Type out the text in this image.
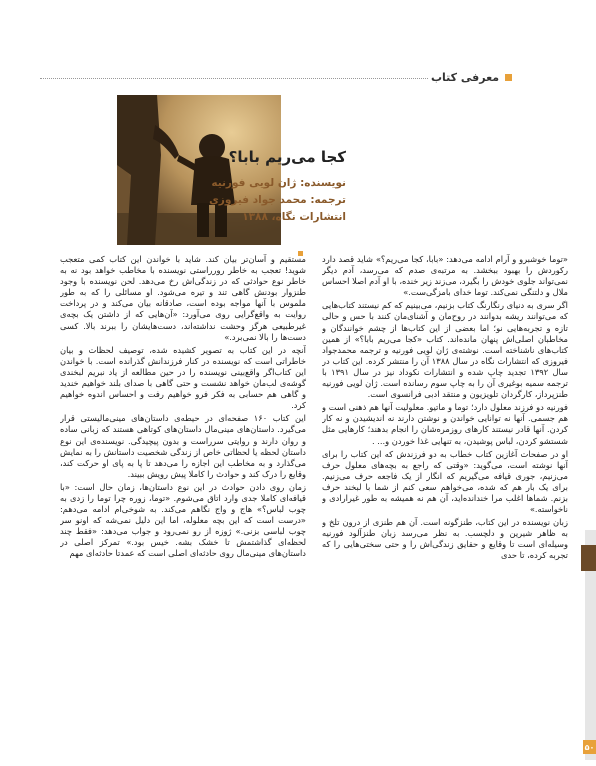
معرفی کتاب
کجا می‌ریم بابا؟
نویسنده: ژان لویی فورنیه
ترجمه: محمد جواد فیروزی
انتشارات نگاه، ۱۳۸۸

«توما خوشبرو و آرام ادامه می‌دهد: «بابا، کجا می‌ریم؟» شاید قصد دارد رکوردش را بهبود ببخشد. به مرتبه‌ی صدم که می‌رسد، آدم دیگر نمی‌تواند جلوی خودش را بگیرد، می‌زند زیر خنده، با او آدم اصلا احساس ملال و دلتنگی نمی‌کند. توما خدای بامزگی‌ست.»

اگر سری به دنیای رنگارنگ کتاب بزنیم، می‌بینیم که کم نیستند کتاب‌هایی که می‌توانند ریشه بدوانند در روح‌مان و آشنای‌مان کنند با حس و حالی تازه و تجربه‌هایی نو؛ اما بعضی از این کتاب‌ها از چشم خوانندگان و مخاطبان اصلی‌اش پنهان مانده‌اند. کتاب «کجا می‌ریم بابا؟» از همین کتاب‌های ناشناخته است. نوشته‌ی ژان لویی فورنیه و ترجمه محمدجواد فیروزی که انتشارات نگاه در سال ۱۳۸۸ آن را منتشر کرده. این کتاب در سال ۱۳۹۲ تجدید چاپ شده و انتشارات نکوداد نیز در سال ۱۳۹۱ با ترجمه سمیه بوغیری آن را به چاپ سوم رسانده است. ژان لویی فورنیه طنزپرداز، کارگردان تلویزیون و منتقد ادبی فرانسوی است.

فورنیه دو فرزند معلول دارد؛ توما و ماتیو. معلولیت آنها هم ذهنی است و هم جسمی. آنها نه توانایی خواندن و نوشتن دارند نه اندیشیدن و نه کار کردن. آنها قادر نیستند کارهای روزمره‌شان را انجام بدهند؛ کارهایی مثل شستشو کردن، لباس پوشیدن، به تنهایی غذا خوردن و... .

او در صفحات آغازین کتاب خطاب به دو فرزندش که این کتاب را برای آنها نوشته است، می‌گوید: «وقتی که راجع به بچه‌های معلول حرف می‌زنیم، جوری قیافه می‌گیریم که انگار از یک فاجعه حرف می‌زنیم. برای یک بار هم که شده، می‌خواهم سعی کنم از شما با لبخند حرف بزنم. شماها اغلب مرا خندانده‌اید، آن هم نه همیشه به طور غیرارادی و ناخواسته.»

زبان نویسنده در این کتاب، طنزگونه است. آن هم طنزی از درون تلخ و به ظاهر شیرین و دلچسب. به نظر می‌رسد زبان طنزآلود فورنیه وسیله‌ای است تا وقایع و حقایق زندگی‌اش را و حتی سختی‌هایی را که تجربه کرده، تا حدی

مستقیم و آسان‌تر بیان کند. شاید با خواندن این کتاب کمی متعجب شوید! تعجب به خاطر رورراستی نویسنده با مخاطب خواهد بود نه به خاطر نوع حوادثی که در زندگی‌اش رخ می‌دهد. لحن نویسنده با وجود طنزوار بودنش گاهی تند و تیره می‌شود. او مسائلی را که به طور ملموس با آنها مواجه بوده است، صادقانه بیان می‌کند و در پرداخت روایت به واقع‌گرایی روی می‌آورد: «آن‌هایی که از داشتن یک بچه‌ی غیرطبیعی هرگز وحشت نداشته‌اند، دست‌هایشان را ببرند بالا. کسی دست‌ها را بالا نمی‌برد.»

آنچه در این کتاب به تصویر کشیده شده، توصیف لحظات و بیان خاطراتی است که نویسنده در کنار فرزندانش گذرانده است. با خواندن این کتاب‌اگر واقع‌بینی نویسنده را در حین مطالعه از یاد نبریم لبخندی گوشه‌ی لب‌مان خواهد نشست و حتی گاهی با صدای بلند خواهیم خندید و گاهی هم حسابی به فکر فرو خواهیم رفت و احساس اندوه خواهیم کرد.

این کتاب ۱۶۰ صفحه‌ای در حیطه‌ی داستان‌های مینی‌مالیستی قرار می‌گیرد. داستان‌های مینی‌مال داستان‌های کوتاهی هستند که زبانی ساده و روان دارند و روایتی سرراست و بدون پیچیدگی. نویسنده‌ی این نوع داستان لحظه یا لحظاتی خاص از زندگی شخصیت داستانش را به نمایش می‌گذارد و به مخاطب این اجازه را می‌دهد تا پا به پای او حرکت کند، وقایع را درک کند و حوادث را کاملا پیش رویش ببیند.

زمان روی دادن حوادث در این نوع داستان‌ها، زمان حال است: «با قیافه‌ای کاملا جدی وارد اتاق می‌شوم. «توما، زوره چرا توما را زدی به چوب لباس؟» هاج و واج نگاهم می‌کند. به شوخی‌ام ادامه می‌دهم: «درست است که این بچه معلوله، اما این دلیل نمی‌شه که اونو سر چوب لباسی بزنی.» ژوزه از رو نمی‌رود و جواب می‌دهد: «فقط چند لحظه‌ای گذاشتمش تا خشک بشه. خیس بود.» تمرکز اصلی در داستان‌های مینی‌مال روی حادثه‌ای اصلی است که عمدتا حادثه‌ای مهم

۵۰
